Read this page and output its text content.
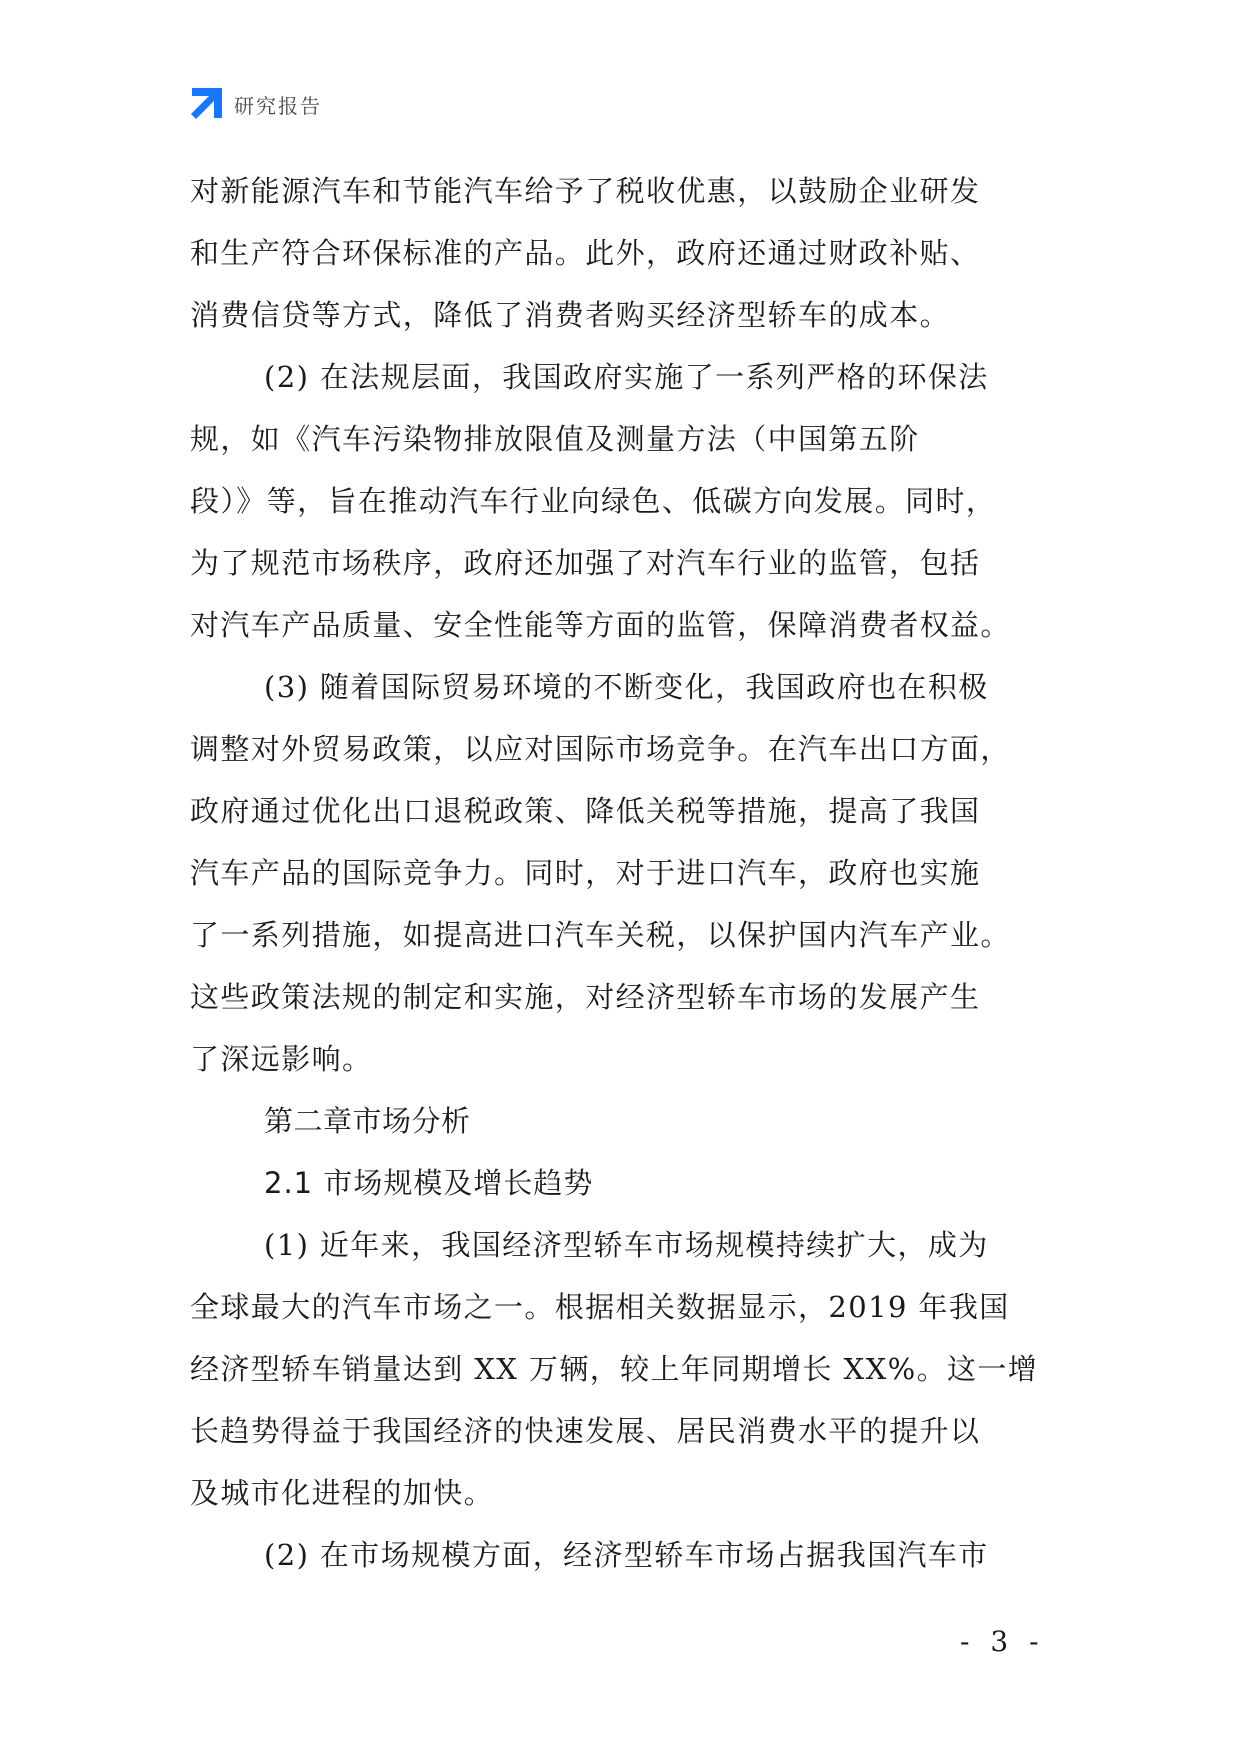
研究报告
对新能源汽车和节能汽车给予了税收优惠，以鼓励企业研发
和生产符合环保标准的产品。此外，政府还通过财政补贴、
消费信贷等方式，降低了消费者购买经济型轿车的成本。
(2) 在法规层面，我国政府实施了一系列严格的环保法
规，如《汽车污染物排放限值及测量方法（中国第五阶
段）》等，旨在推动汽车行业向绿色、低碳方向发展。同时，
为了规范市场秩序，政府还加强了对汽车行业的监管，包括
对汽车产品质量、安全性能等方面的监管，保障消费者权益。
(3) 随着国际贸易环境的不断变化，我国政府也在积极
调整对外贸易政策，以应对国际市场竞争。在汽车出口方面，
政府通过优化出口退税政策、降低关税等措施，提高了我国
汽车产品的国际竞争力。同时，对于进口汽车，政府也实施
了一系列措施，如提高进口汽车关税，以保护国内汽车产业。
这些政策法规的制定和实施，对经济型轿车市场的发展产生
了深远影响。
第二章市场分析
2.1 市场规模及增长趋势
(1) 近年来，我国经济型轿车市场规模持续扩大，成为
全球最大的汽车市场之一。根据相关数据显示，2019 年我国
经济型轿车销量达到 XX 万辆，较上年同期增长 XX%。这一增
长趋势得益于我国经济的快速发展、居民消费水平的提升以
及城市化进程的加快。
(2) 在市场规模方面，经济型轿车市场占据我国汽车市
- 3 -
